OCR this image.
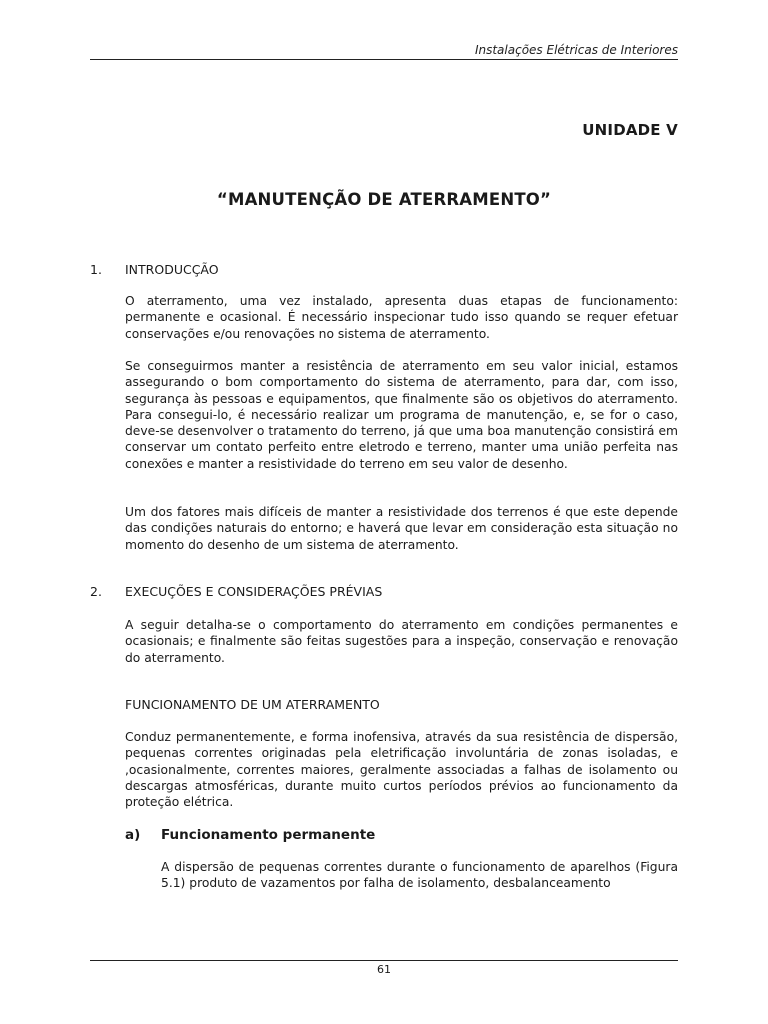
Instalações Elétricas de Interiores
UNIDADE V
“MANUTENÇÃO DE ATERRAMENTO”
1.	INTRODUCÇÃO

O aterramento, uma vez instalado, apresenta duas etapas de funcionamento: permanente e ocasional. É necessário inspecionar tudo isso quando se requer efetuar conservações e/ou renovações no sistema de aterramento.

Se conseguirmos manter a resistência de aterramento em seu valor inicial, estamos assegurando o bom comportamento do sistema de aterramento, para dar, com isso, segurança às pessoas e equipamentos, que finalmente são os objetivos do aterramento. Para consegui-lo, é necessário realizar um programa de manutenção, e, se for o caso, deve-se desenvolver o tratamento do terreno, já que uma boa manutenção consistirá em conservar um contato perfeito entre eletrodo e terreno, manter uma união perfeita nas conexões e manter a resistividade do terreno em seu valor de desenho.

Um dos fatores mais difíceis de manter a resistividade dos terrenos é que este depende das condições naturais do entorno; e haverá que levar em consideração esta situação no momento do desenho de um sistema de aterramento.

2.	EXECUÇÕES E CONSIDERAÇÕES PRÉVIAS

A seguir detalha-se o comportamento do aterramento em condições permanentes e ocasionais; e finalmente são feitas sugestões para a inspeção, conservação e renovação do aterramento.

FUNCIONAMENTO DE UM ATERRAMENTO

Conduz permanentemente, e forma inofensiva, através da sua resistência de dispersão, pequenas correntes originadas pela eletrificação involuntária de zonas isoladas, e ,ocasionalmente, correntes maiores, geralmente associadas a falhas de isolamento ou descargas atmosféricas, durante muito curtos períodos prévios ao funcionamento da proteção elétrica.

a) Funcionamento permanente

A dispersão de pequenas correntes durante o funcionamento de aparelhos (Figura 5.1) produto de vazamentos por falha de isolamento, desbalanceamento

61
